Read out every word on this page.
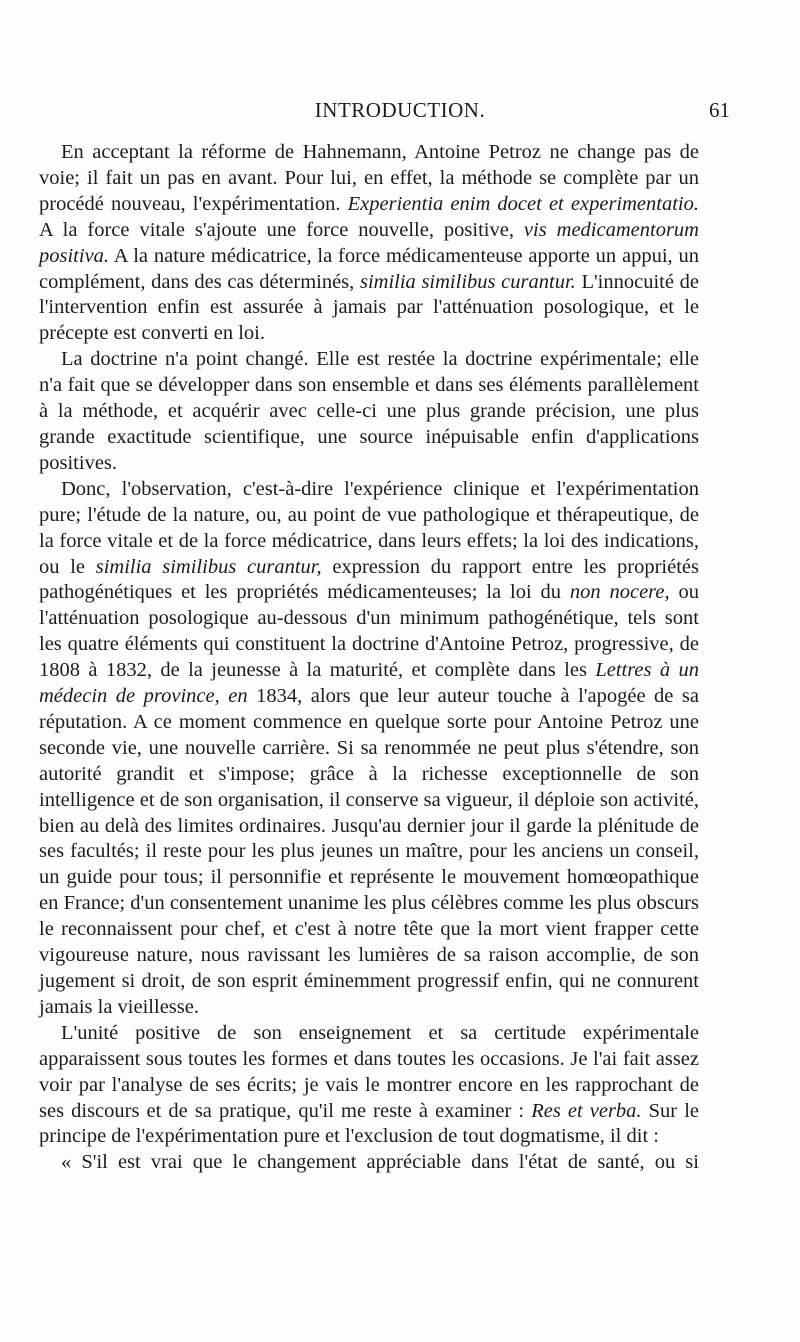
INTRODUCTION.	61

En acceptant la réforme de Hahnemann, Antoine Petroz ne change pas de voie; il fait un pas en avant. Pour lui, en effet, la méthode se complète par un procédé nouveau, l'expérimentation. Experientia enim docet et experimentatio. A la force vitale s'ajoute une force nouvelle, positive, vis medicamentorum positiva. A la nature médicatrice, la force médicamenteuse apporte un appui, un complément, dans des cas déterminés, similia similibus curantur. L'innocuité de l'intervention enfin est assurée à jamais par l'atténuation posologique, et le précepte est converti en loi.

La doctrine n'a point changé. Elle est restée la doctrine expérimentale; elle n'a fait que se développer dans son ensemble et dans ses éléments parallèlement à la méthode, et acquérir avec celle-ci une plus grande précision, une plus grande exactitude scientifique, une source inépuisable enfin d'applications positives.

Donc, l'observation, c'est-à-dire l'expérience clinique et l'expérimentation pure; l'étude de la nature, ou, au point de vue pathologique et thérapeutique, de la force vitale et de la force médicatrice, dans leurs effets; la loi des indications, ou le similia similibus curantur, expression du rapport entre les propriétés pathogénétiques et les propriétés médicamenteuses; la loi du non nocere, ou l'atténuation posologique au-dessous d'un minimum pathogénétique, tels sont les quatre éléments qui constituent la doctrine d'Antoine Petroz, progressive, de 1808 à 1832, de la jeunesse à la maturité, et complète dans les Lettres à un médecin de province, en 1834, alors que leur auteur touche à l'apogée de sa réputation. A ce moment commence en quelque sorte pour Antoine Petroz une seconde vie, une nouvelle carrière. Si sa renommée ne peut plus s'étendre, son autorité grandit et s'impose; grâce à la richesse exceptionnelle de son intelligence et de son organisation, il conserve sa vigueur, il déploie son activité, bien au delà des limites ordinaires. Jusqu'au dernier jour il garde la plénitude de ses facultés; il reste pour les plus jeunes un maître, pour les anciens un conseil, un guide pour tous; il personnifie et représente le mouvement homœopathique en France; d'un consentement unanime les plus célèbres comme les plus obscurs le reconnaissent pour chef, et c'est à notre tête que la mort vient frapper cette vigoureuse nature, nous ravissant les lumières de sa raison accomplie, de son jugement si droit, de son esprit éminemment progressif enfin, qui ne connurent jamais la vieillesse.

L'unité positive de son enseignement et sa certitude expérimentale apparaissent sous toutes les formes et dans toutes les occasions. Je l'ai fait assez voir par l'analyse de ses écrits; je vais le montrer encore en les rapprochant de ses discours et de sa pratique, qu'il me reste à examiner : Res et verba. Sur le principe de l'expérimentation pure et l'exclusion de tout dogmatisme, il dit :

« S'il est vrai que le changement appréciable dans l'état de santé, ou si
